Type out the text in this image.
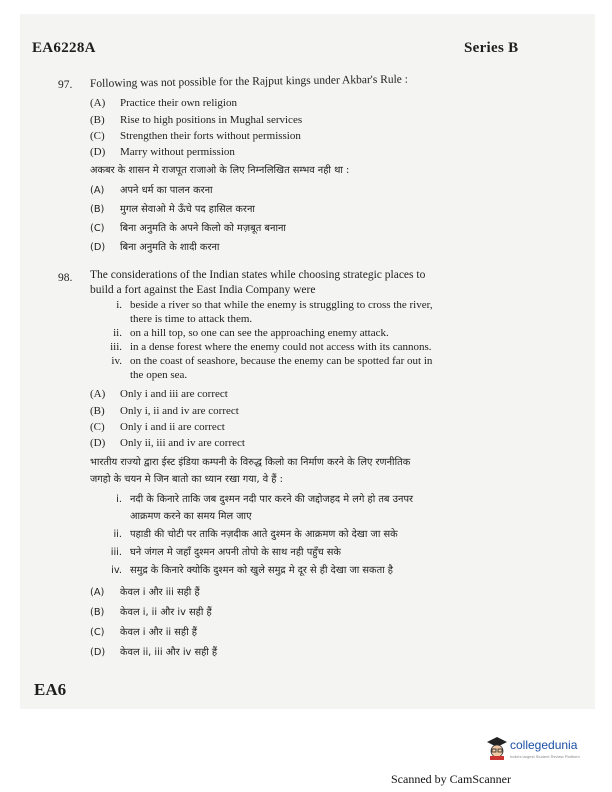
EA6228A	Series B
97. Following was not possible for the Rajput kings under Akbar's Rule :
(A) Practice their own religion
(B) Rise to high positions in Mughal services
(C) Strengthen their forts without permission
(D) Marry without permission
अकबर के शासन मे राजपूत राजाओ के लिए निम्नलिखित सम्भव नही था :
(A) अपने धर्म का पालन करना
(B) मुगल सेवाओ मे ऊँचे पद हासिल करना
(C) बिना अनुमति के अपने किलो को मज़बूत बनाना
(D) बिना अनुमति के शादी करना
98. The considerations of the Indian states while choosing strategic places to
build a fort against the East India Company were
i. beside a river so that while the enemy is struggling to cross the river,
there is time to attack them.
ii. on a hill top, so one can see the approaching enemy attack.
iii. in a dense forest where the enemy could not access with its cannons.
iv. on the coast of seashore, because the enemy can be spotted far out in
the open sea.
(A) Only i and iii are correct
(B) Only i, ii and iv are correct
(C) Only i and ii are correct
(D) Only ii, iii and iv are correct
भारतीय राज्यो द्वारा ईस्ट इंडिया कम्पनी के विरुद्ध किलो का निर्माण करने के लिए रणनीतिक
जगहो के चयन मे जिन बातो का ध्यान रखा गया, वे हैं :
i. नदी के किनारे ताकि जब दुश्मन नदी पार करने की जद्दोजहद मे लगे हो तब उनपर
आक्रमण करने का समय मिल जाए
ii. पहाडी की चोटी पर ताकि नज़दीक आते दुश्मन के आक्रमण को देखा जा सके
iii. घने जंगल मे जहाँ दुश्मन अपनी तोपो के साथ नही पहुँच सके
iv. समुद्र के किनारे क्योकि दुश्मन को खुले समुद्र मे दूर से ही देखा जा सकता है
(A) केवल i और iii सही हैं
(B) केवल i, ii और iv सही हैं
(C) केवल i और ii सही हैं
(D) केवल ii, iii और iv सही हैं
EA6
collegedunia
India's largest Student Review Platform
Scanned by CamScanner
